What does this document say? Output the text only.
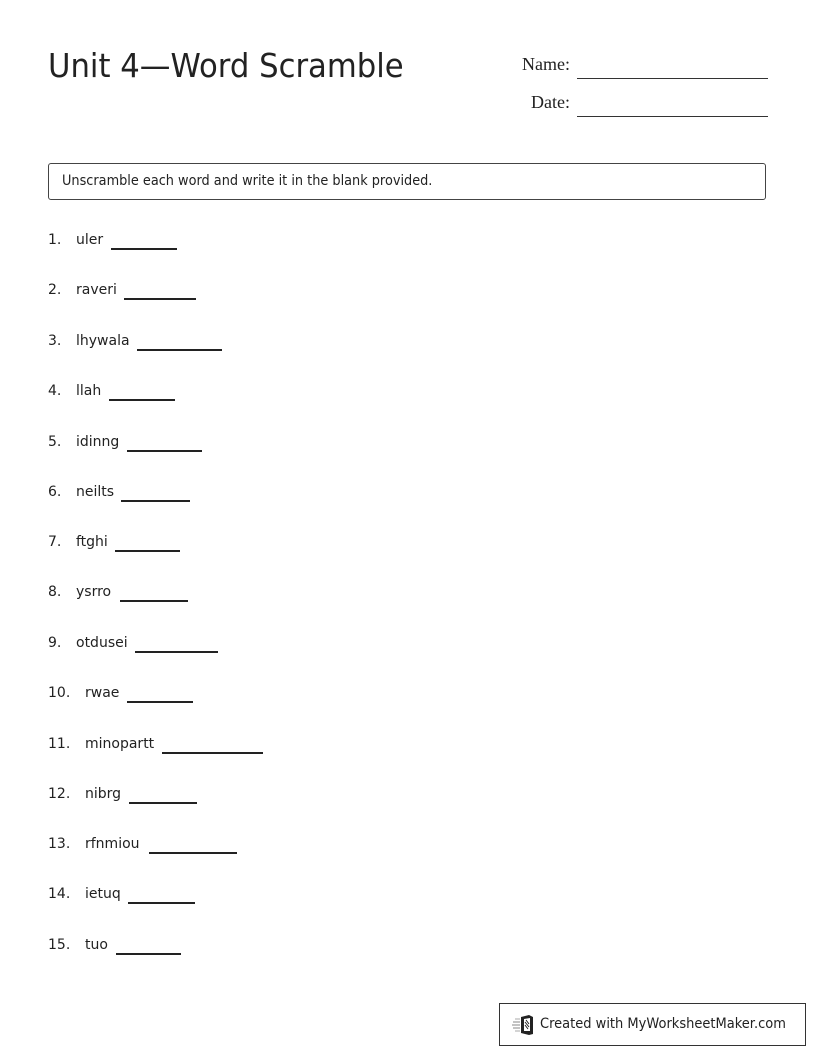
Unit 4—Word Scramble	Name:
Date:
Unscramble each word and write it in the blank provided.
1. uler
2. raveri
3. lhywala
4. llah
5. idinng
6. neilts
7. ftghi
8. ysrro
9. otdusei
10. rwae
11. minopartt
12. nibrg
13. rfnmiou
14. ietuq
15. tuo
Created with MyWorksheetMaker.com
